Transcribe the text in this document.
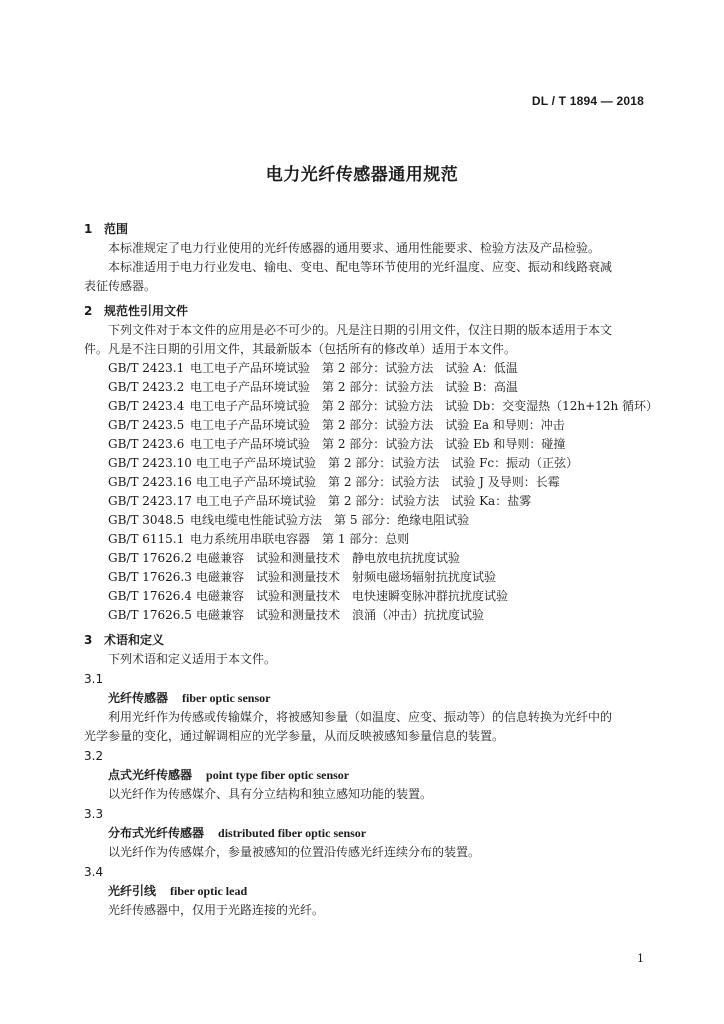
DL / T 1894 — 2018
电力光纤传感器通用规范
1 范围
本标准规定了电力行业使用的光纤传感器的通用要求、通用性能要求、检验方法及产品检验。
本标准适用于电力行业发电、输电、变电、配电等环节使用的光纤温度、应变、振动和线路衰减
表征传感器。
2 规范性引用文件
下列文件对于本文件的应用是必不可少的。凡是注日期的引用文件，仅注日期的版本适用于本文
件。凡是不注日期的引用文件，其最新版本（包括所有的修改单）适用于本文件。
GB/T 2423.1 电工电子产品环境试验　第 2 部分：试验方法　试验 A：低温
GB/T 2423.2 电工电子产品环境试验　第 2 部分：试验方法　试验 B：高温
GB/T 2423.4 电工电子产品环境试验　第 2 部分：试验方法　试验 Db：交变湿热（12h+12h 循环）
GB/T 2423.5 电工电子产品环境试验　第 2 部分：试验方法　试验 Ea 和导则：冲击
GB/T 2423.6 电工电子产品环境试验　第 2 部分：试验方法　试验 Eb 和导则：碰撞
GB/T 2423.10 电工电子产品环境试验　第 2 部分：试验方法　试验 Fc：振动（正弦）
GB/T 2423.16 电工电子产品环境试验　第 2 部分：试验方法　试验 J 及导则：长霉
GB/T 2423.17 电工电子产品环境试验　第 2 部分：试验方法　试验 Ka：盐雾
GB/T 3048.5 电线电缆电性能试验方法　第 5 部分：绝缘电阻试验
GB/T 6115.1 电力系统用串联电容器　第 1 部分：总则
GB/T 17626.2 电磁兼容　试验和测量技术　静电放电抗扰度试验
GB/T 17626.3 电磁兼容　试验和测量技术　射频电磁场辐射抗扰度试验
GB/T 17626.4 电磁兼容　试验和测量技术　电快速瞬变脉冲群抗扰度试验
GB/T 17626.5 电磁兼容　试验和测量技术　浪涌（冲击）抗扰度试验
3 术语和定义
下列术语和定义适用于本文件。
3.1
光纤传感器 fiber optic sensor
利用光纤作为传感或传输媒介，将被感知参量（如温度、应变、振动等）的信息转换为光纤中的
光学参量的变化，通过解调相应的光学参量，从而反映被感知参量信息的装置。
3.2
点式光纤传感器 point type fiber optic sensor
以光纤作为传感媒介、具有分立结构和独立感知功能的装置。
3.3
分布式光纤传感器 distributed fiber optic sensor
以光纤作为传感媒介，参量被感知的位置沿传感光纤连续分布的装置。
3.4
光纤引线 fiber optic lead
光纤传感器中，仅用于光路连接的光纤。
1
